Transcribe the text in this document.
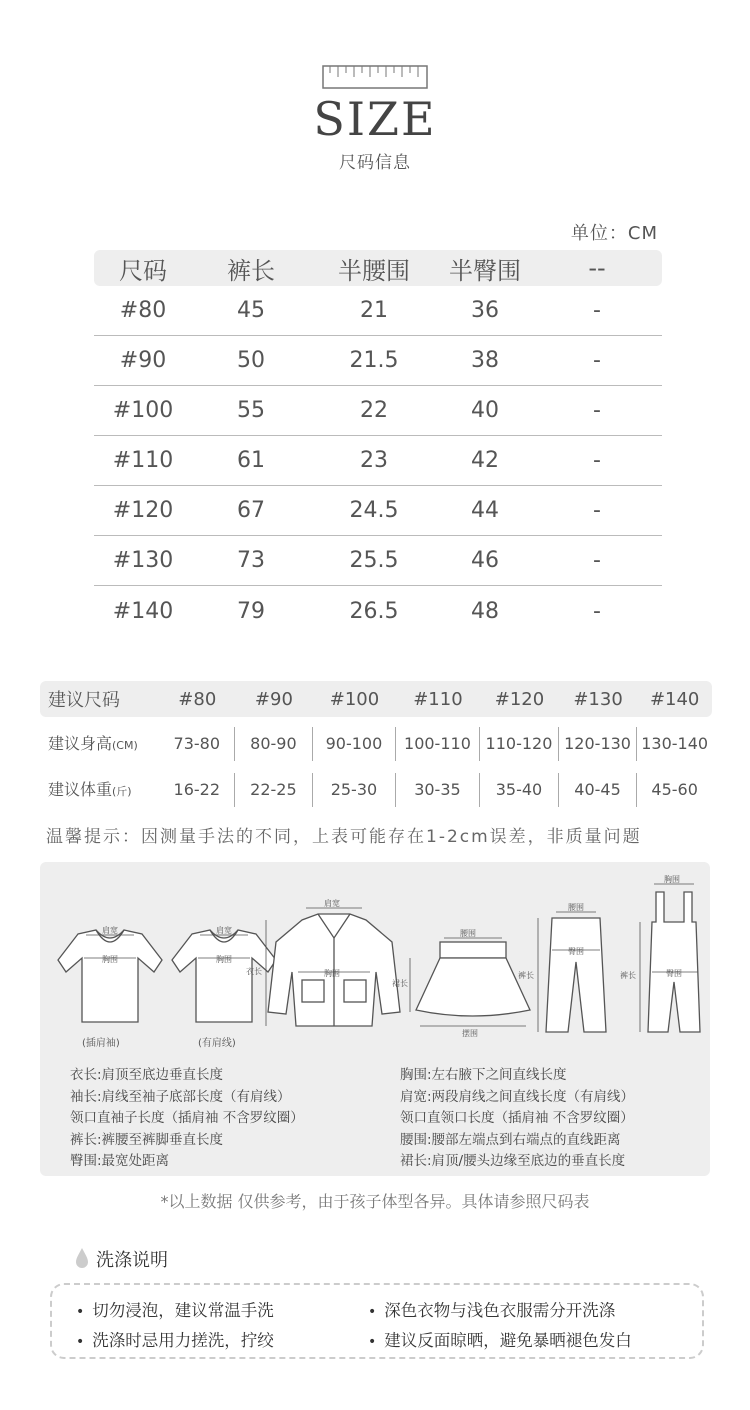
SIZE
尺码信息
单位：CM
尺码	裤长	半腰围	半臀围	--
#80	45	21	36	-
#90	50	21.5	38	-
#100	55	22	40	-
#110	61	23	42	-
#120	67	24.5	44	-
#130	73	25.5	46	-
#140	79	26.5	48	-
建议尺码	#80	#90	#100	#110	#120	#130	#140
建议身高(CM)	73-80	80-90	90-100	100-110 110-120 120-130 130-140
建议体重(斤)	16-22	22-25	25-30	30-35	35-40	40-45	45-60
温馨提示：因测量手法的不同，上表可能存在1-2cm误差，非质量问题
肩宽
胸围
肩宽
胸围
肩宽
胸围
衣长
腰围
摆围
裙长
腰围
臀围
裤长
胸围
臀围
裤长
(插肩袖)	(有肩线)
衣长:肩顶至底边垂直长度
袖长:肩线至袖子底部长度（有肩线）
领口直袖子长度（插肩袖 不含罗纹圈）
裤长:裤腰至裤脚垂直长度
臀围:最宽处距离
胸围:左右腋下之间直线长度
肩宽:两段肩线之间直线长度（有肩线）
领口直领口长度（插肩袖 不含罗纹圈）
腰围:腰部左端点到右端点的直线距离
裙长:肩顶/腰头边缘至底边的垂直长度
*以上数据 仅供参考，由于孩子体型各异。具体请参照尺码表
洗涤说明
• 切勿浸泡，建议常温手洗	• 深色衣物与浅色衣服需分开洗涤
• 洗涤时忌用力搓洗，拧绞	• 建议反面晾晒，避免暴晒褪色发白
